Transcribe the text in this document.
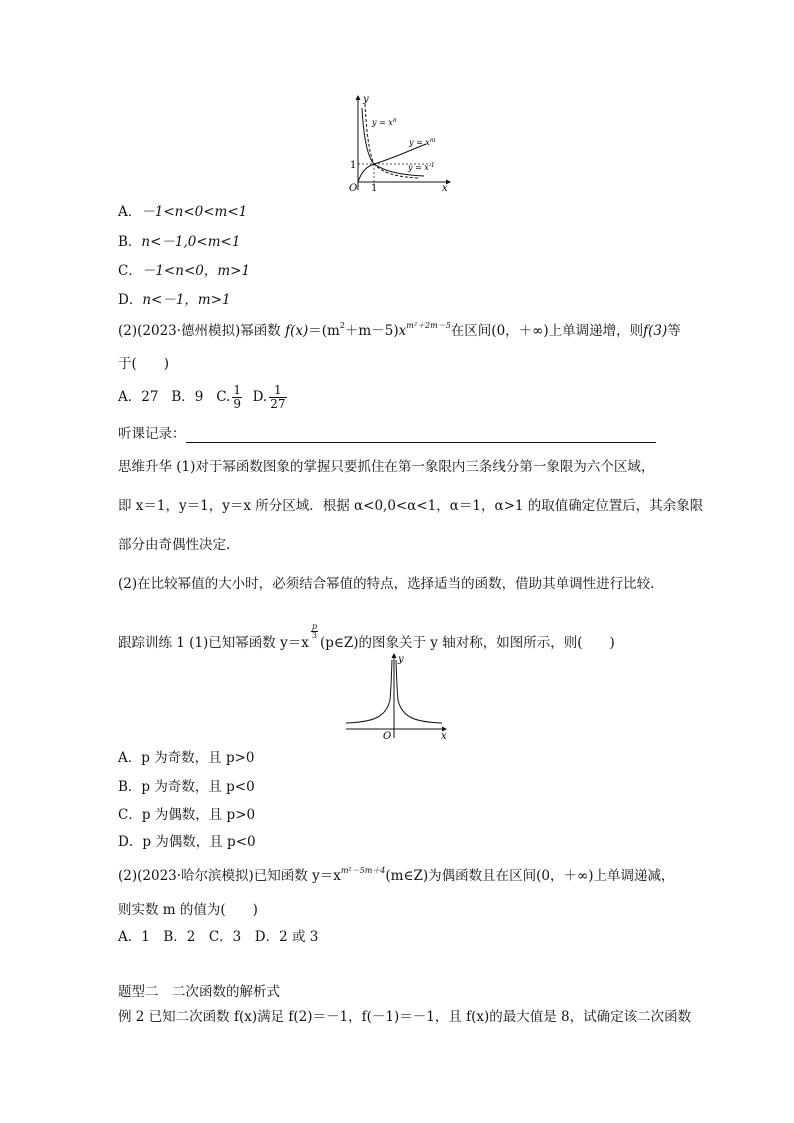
y
x
O 1
1
$y = x^n$
$y = x^m$
$y = x^{-1}$
A．－1<n<0<m<1
B．n<－1,0<m<1
C．－1<n<0，m>1
D．n<－1，m>1
(2)(2023·德州模拟)幂函数 $f(x)=(m^2+m-5)x^{m^2+2m-5}$在区间(0，＋∞)上单调递增，则f(3)等
于(　　)
A．27 B．9 C. $\frac{1}{9} D$. $\frac{1}{27}$
听课记录：
思维升华 (1)对于幂函数图象的掌握只要抓住在第一象限内三条线分第一象限为六个区域，
即 x＝1，y＝1，y＝x 所分区域．根据 α<0,0<α<1，α＝1，α>1 的取值确定位置后，其余象限
部分由奇偶性决定.
(2)在比较幂值的大小时，必须结合幂值的特点，选择适当的函数，借助其单调性进行比较.
跟踪训练 1 (1)已知幂函数 y＝x
$\frac{p}{3}$
(p∈Z)的图象关于 y 轴对称，如图所示，则(　　)
y
x
O
A．p 为奇数，且 p>0
B．p 为奇数，且 p<0
C．p 为偶数，且 p>0
D．p 为偶数，且 p<0
(2)(2023·哈尔滨模拟)已知函数 $y=x^{m^2-5m+4}(m\in Z)$为偶函数且在区间(0，＋∞)上单调递减，
则实数 m 的值为(　　)
A．1　B．2　C．3　D．2 或 3
题型二　二次函数的解析式
例 2 已知二次函数 f(x)满足 f(2)＝－1，f(－1)＝－1，且 f(x)的最大值是 8，试确定该二次函数
